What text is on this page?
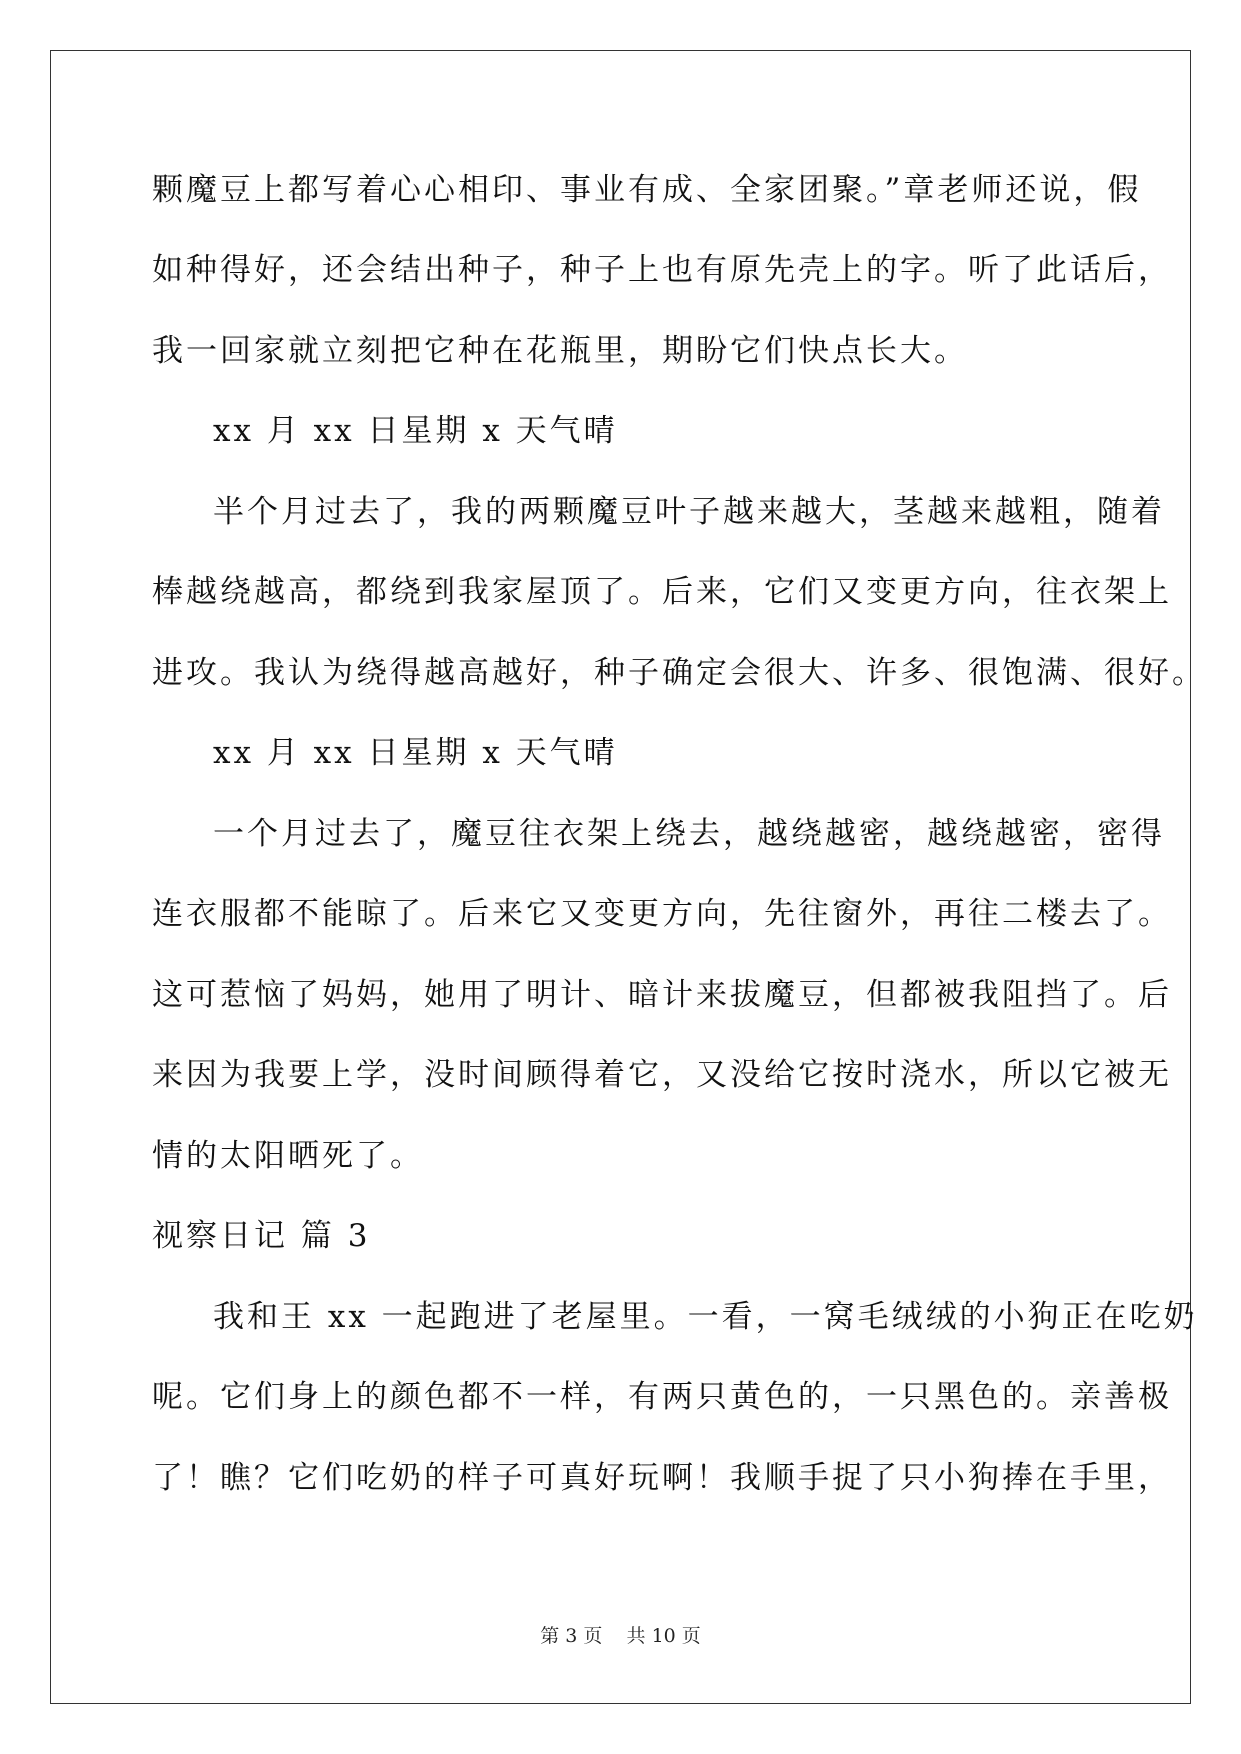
颗魔豆上都写着心心相印、事业有成、全家团聚。”章老师还说，假
如种得好，还会结出种子，种子上也有原先壳上的字。听了此话后，
我一回家就立刻把它种在花瓶里，期盼它们快点长大。
xx 月 xx 日星期 x 天气晴
半个月过去了，我的两颗魔豆叶子越来越大，茎越来越粗，随着
棒越绕越高，都绕到我家屋顶了。后来，它们又变更方向，往衣架上
进攻。我认为绕得越高越好，种子确定会很大、许多、很饱满、很好。
xx 月 xx 日星期 x 天气晴
一个月过去了，魔豆往衣架上绕去，越绕越密，越绕越密，密得
连衣服都不能晾了。后来它又变更方向，先往窗外，再往二楼去了。
这可惹恼了妈妈，她用了明计、暗计来拔魔豆，但都被我阻挡了。后
来因为我要上学，没时间顾得着它，又没给它按时浇水，所以它被无
情的太阳晒死了。
视察日记 篇 3
我和王 xx 一起跑进了老屋里。一看，一窝毛绒绒的小狗正在吃奶
呢。它们身上的颜色都不一样，有两只黄色的，一只黑色的。亲善极
了！瞧？它们吃奶的样子可真好玩啊！我顺手捉了只小狗捧在手里，
第 3 页    共 10 页
